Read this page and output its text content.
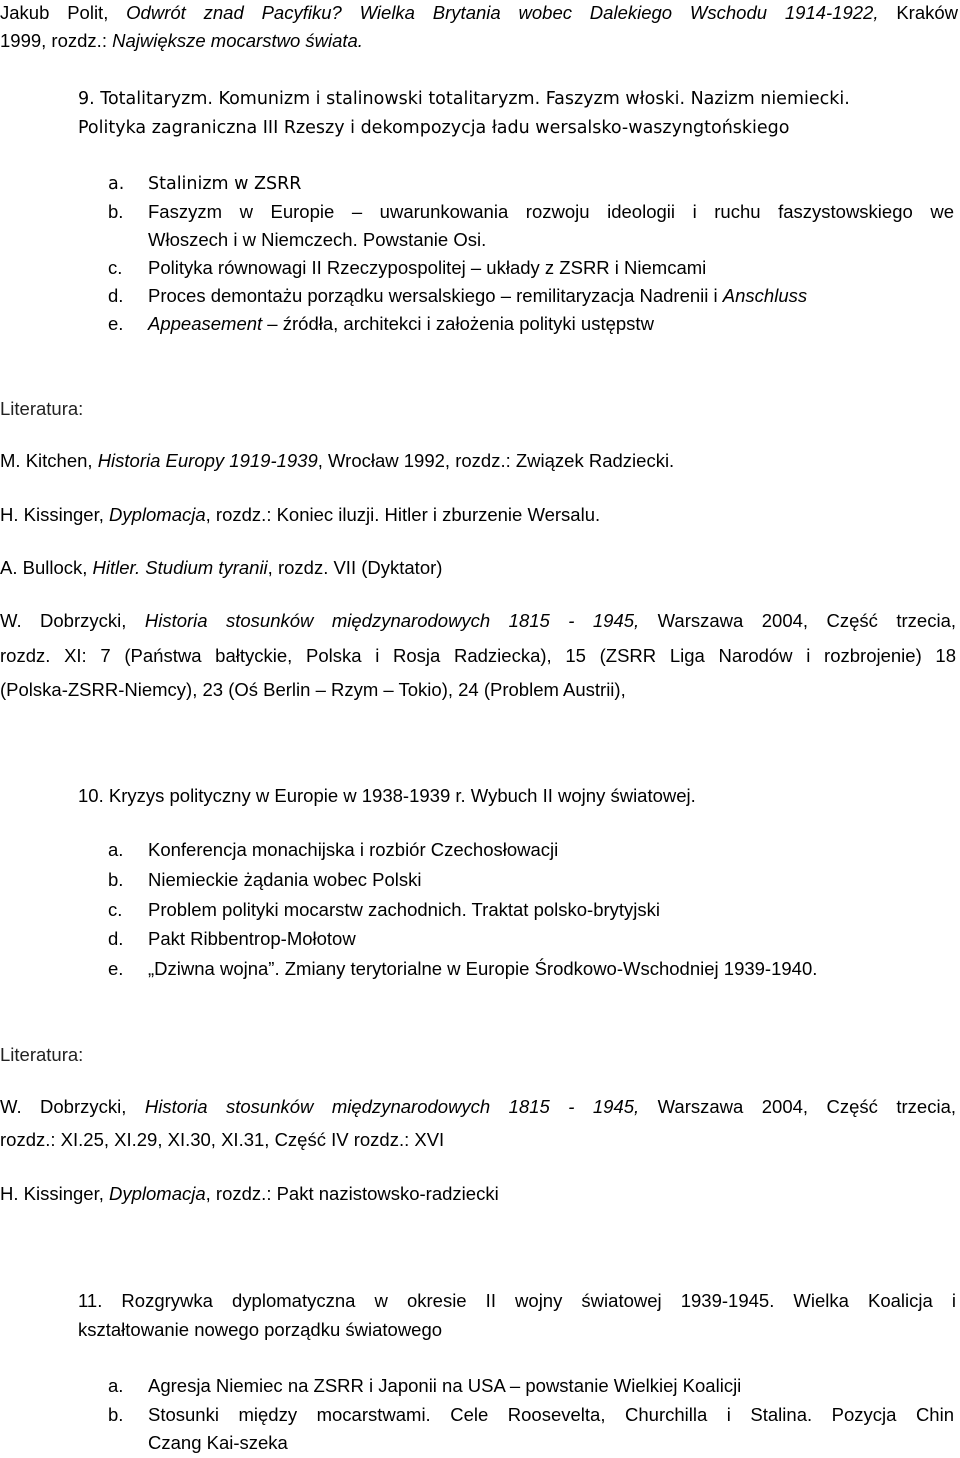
Jakub Polit, Odwrót znad Pacyfiku? Wielka Brytania wobec Dalekiego Wschodu 1914-1922, Kraków
1999, rozdz.: Największe mocarstwo świata.
9. Totalitaryzm. Komunizm i stalinowski totalitaryzm. Faszyzm włoski. Nazizm niemiecki.
Polityka zagraniczna III Rzeszy i dekompozycja ładu wersalsko-waszyngtońskiego
a. Stalinizm w ZSRR
b. Faszyzm w Europie – uwarunkowania rozwoju ideologii i ruchu faszystowskiego we
Włoszech i w Niemczech. Powstanie Osi.
c. Polityka równowagi II Rzeczypospolitej – układy z ZSRR i Niemcami
d. Proces demontażu porządku wersalskiego – remilitaryzacja Nadrenii i Anschluss
e. Appeasement – źródła, architekci i założenia polityki ustępstw
Literatura:
M. Kitchen, Historia Europy 1919-1939, Wrocław 1992, rozdz.: Związek Radziecki.
H. Kissinger, Dyplomacja, rozdz.: Koniec iluzji. Hitler i zburzenie Wersalu.
A. Bullock, Hitler. Studium tyranii, rozdz. VII (Dyktator)
W. Dobrzycki, Historia stosunków międzynarodowych 1815 - 1945, Warszawa 2004, Część trzecia,
rozdz. XI: 7 (Państwa bałtyckie, Polska i Rosja Radziecka), 15 (ZSRR Liga Narodów i rozbrojenie) 18
(Polska-ZSRR-Niemcy), 23 (Oś Berlin – Rzym – Tokio), 24 (Problem Austrii),
10. Kryzys polityczny w Europie w 1938-1939 r. Wybuch II wojny światowej.
a. Konferencja monachijska i rozbiór Czechosłowacji
b. Niemieckie żądania wobec Polski
c. Problem polityki mocarstw zachodnich. Traktat polsko-brytyjski
d. Pakt Ribbentrop-Mołotow
e. „Dziwna wojna”. Zmiany terytorialne w Europie Środkowo-Wschodniej 1939-1940.
Literatura:
W. Dobrzycki, Historia stosunków międzynarodowych 1815 - 1945, Warszawa 2004, Część trzecia,
rozdz.: XI.25, XI.29, XI.30, XI.31, Część IV rozdz.: XVI
H. Kissinger, Dyplomacja, rozdz.: Pakt nazistowsko-radziecki
11. Rozgrywka dyplomatyczna w okresie II wojny światowej 1939-1945. Wielka Koalicja i
kształtowanie nowego porządku światowego
a. Agresja Niemiec na ZSRR i Japonii na USA – powstanie Wielkiej Koalicji
b. Stosunki między mocarstwami. Cele Roosevelta, Churchilla i Stalina. Pozycja Chin
Czang Kai-szeka
